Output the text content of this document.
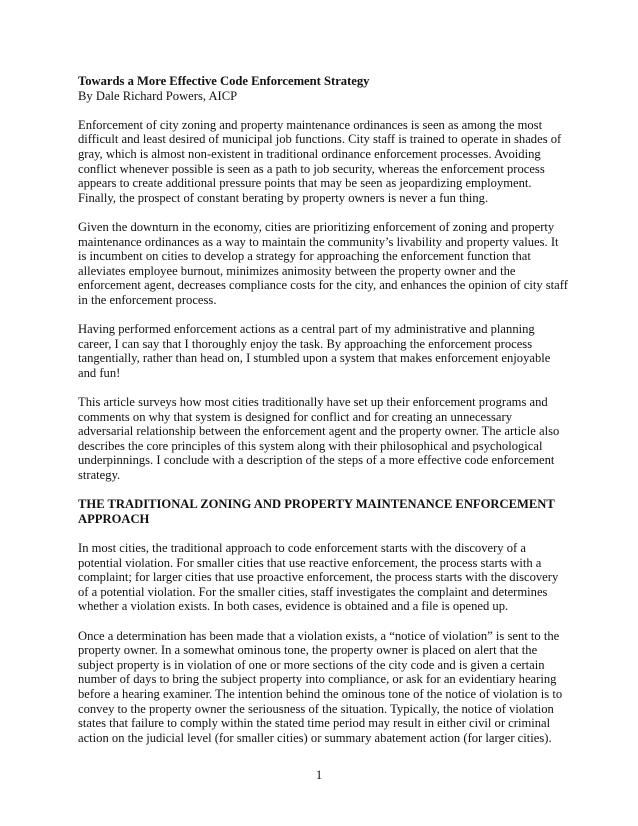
Towards a More Effective Code Enforcement Strategy

By Dale Richard Powers, AICP

Enforcement of city zoning and property maintenance ordinances is seen as among the most difficult and least desired of municipal job functions. City staff is trained to operate in shades of gray, which is almost non-existent in traditional ordinance enforcement processes. Avoiding conflict whenever possible is seen as a path to job security, whereas the enforcement process appears to create additional pressure points that may be seen as jeopardizing employment. Finally, the prospect of constant berating by property owners is never a fun thing.

Given the downturn in the economy, cities are prioritizing enforcement of zoning and property maintenance ordinances as a way to maintain the community’s livability and property values. It is incumbent on cities to develop a strategy for approaching the enforcement function that alleviates employee burnout, minimizes animosity between the property owner and the enforcement agent, decreases compliance costs for the city, and enhances the opinion of city staff in the enforcement process.

Having performed enforcement actions as a central part of my administrative and planning career, I can say that I thoroughly enjoy the task. By approaching the enforcement process tangentially, rather than head on, I stumbled upon a system that makes enforcement enjoyable and fun!

This article surveys how most cities traditionally have set up their enforcement programs and comments on why that system is designed for conflict and for creating an unnecessary adversarial relationship between the enforcement agent and the property owner. The article also describes the core principles of this system along with their philosophical and psychological underpinnings. I conclude with a description of the steps of a more effective code enforcement strategy.

THE TRADITIONAL ZONING AND PROPERTY MAINTENANCE ENFORCEMENT APPROACH

In most cities, the traditional approach to code enforcement starts with the discovery of a potential violation. For smaller cities that use reactive enforcement, the process starts with a complaint; for larger cities that use proactive enforcement, the process starts with the discovery of a potential violation. For the smaller cities, staff investigates the complaint and determines whether a violation exists. In both cases, evidence is obtained and a file is opened up.

Once a determination has been made that a violation exists, a “notice of violation” is sent to the property owner. In a somewhat ominous tone, the property owner is placed on alert that the subject property is in violation of one or more sections of the city code and is given a certain number of days to bring the subject property into compliance, or ask for an evidentiary hearing before a hearing examiner. The intention behind the ominous tone of the notice of violation is to convey to the property owner the seriousness of the situation. Typically, the notice of violation states that failure to comply within the stated time period may result in either civil or criminal action on the judicial level (for smaller cities) or summary abatement action (for larger cities).

1
